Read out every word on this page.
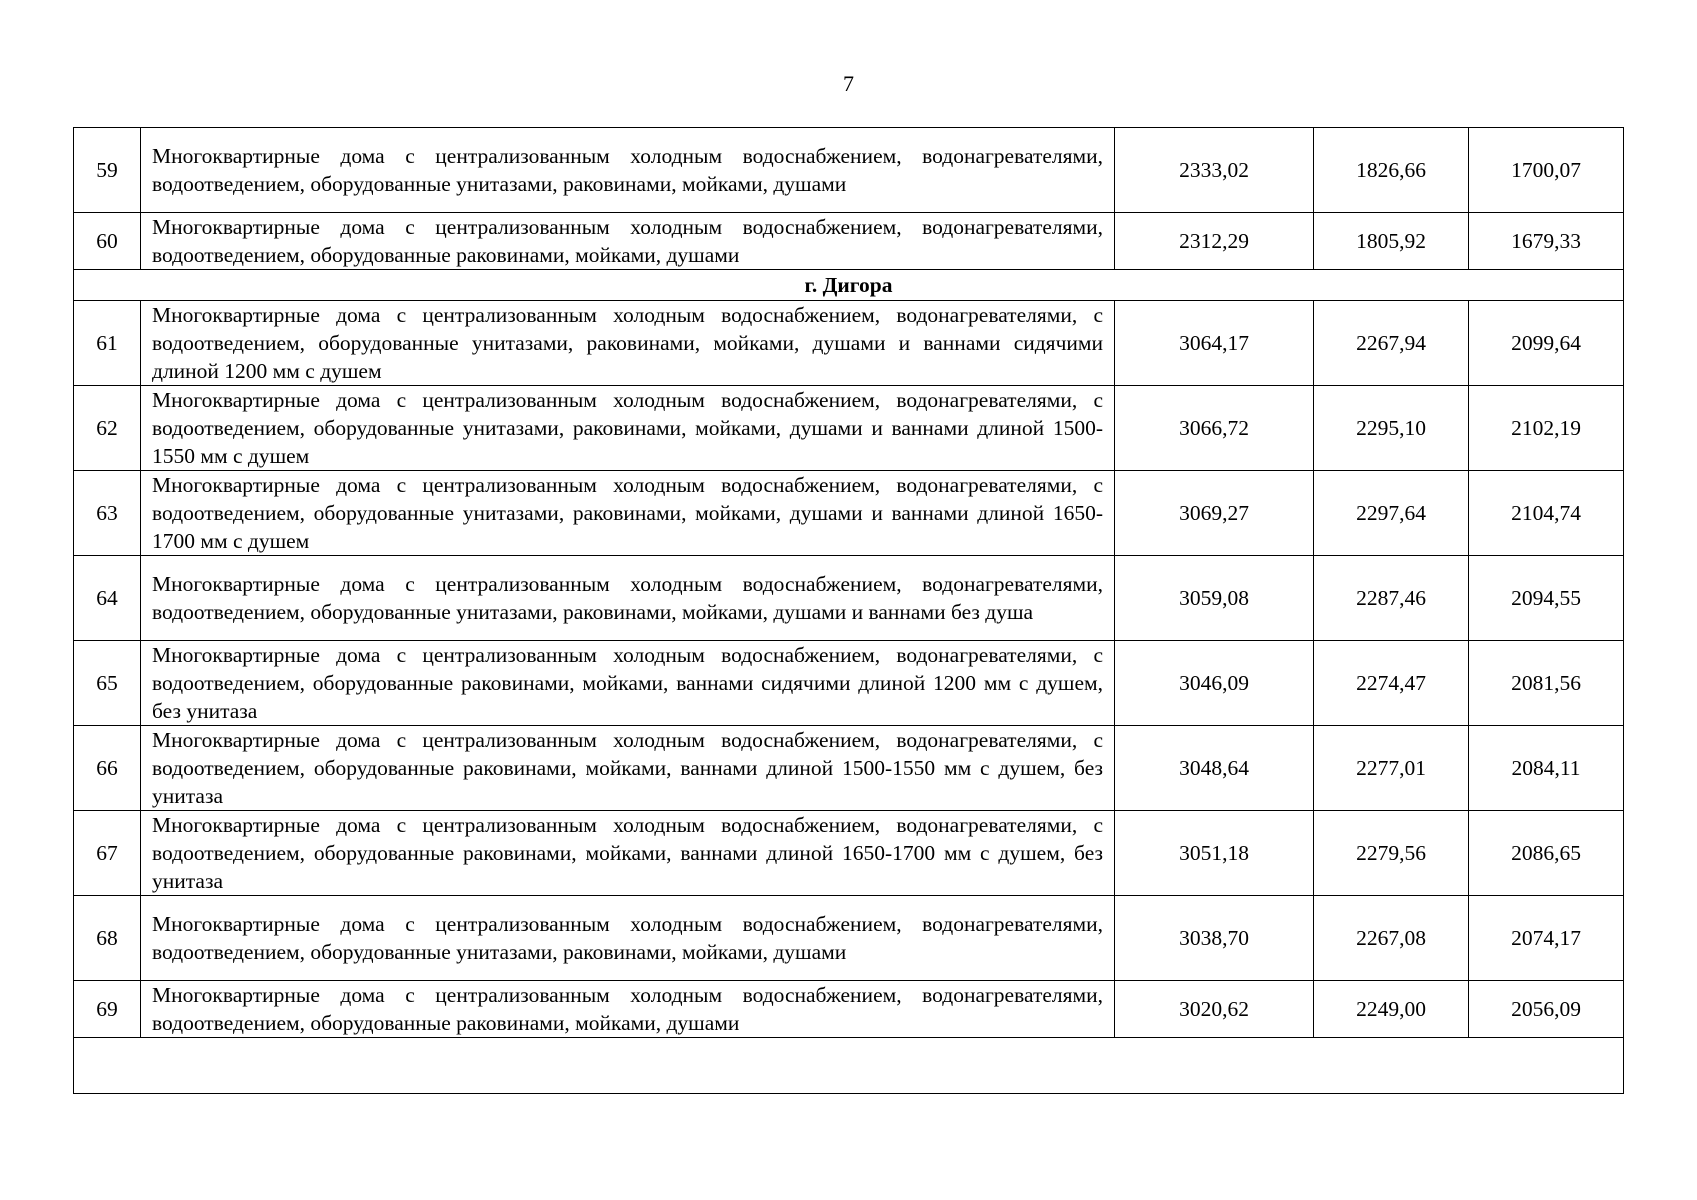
7
59	Многоквартирные дома с централизованным холодным водоснабжением, водонагревателями, водоотведением, оборудованные унитазами, раковинами, мойками, душами	2333,02	1826,66	1700,07
60	Многоквартирные дома с централизованным холодным водоснабжением, водонагревателями, водоотведением, оборудованные раковинами, мойками, душами	2312,29	1805,92	1679,33
г. Дигора				
61	Многоквартирные дома с централизованным холодным водоснабжением, водонагревателями, с водоотведением, оборудованные унитазами, раковинами, мойками, душами и ваннами сидячими длиной 1200 мм с душем	3064,17	2267,94	2099,64
62	Многоквартирные дома с централизованным холодным водоснабжением, водонагревателями, с водоотведением, оборудованные унитазами, раковинами, мойками, душами и ваннами длиной 1500-1550 мм с душем	3066,72	2295,10	2102,19
63	Многоквартирные дома с централизованным холодным водоснабжением, водонагревателями, с водоотведением, оборудованные унитазами, раковинами, мойками, душами и ваннами длиной 1650-1700 мм с душем	3069,27	2297,64	2104,74
64	Многоквартирные дома с централизованным холодным водоснабжением, водонагревателями, водоотведением, оборудованные унитазами, раковинами, мойками, душами и ваннами без душа	3059,08	2287,46	2094,55
65	Многоквартирные дома с централизованным холодным водоснабжением, водонагревателями, с водоотведением, оборудованные раковинами, мойками, ваннами сидячими длиной 1200 мм с душем, без унитаза	3046,09	2274,47	2081,56
66	Многоквартирные дома с централизованным холодным водоснабжением, водонагревателями, с водоотведением, оборудованные раковинами, мойками, ваннами длиной 1500-1550 мм с душем, без унитаза	3048,64	2277,01	2084,11
67	Многоквартирные дома с централизованным холодным водоснабжением, водонагревателями, с водоотведением, оборудованные раковинами, мойками, ваннами длиной 1650-1700 мм с душем, без унитаза	3051,18	2279,56	2086,65
68	Многоквартирные дома с централизованным холодным водоснабжением, водонагревателями, водоотведением, оборудованные унитазами, раковинами, мойками, душами	3038,70	2267,08	2074,17
69	Многоквартирные дома с централизованным холодным водоснабжением, водонагревателями, водоотведением, оборудованные раковинами, мойками, душами	3020,62	2249,00	2056,09
